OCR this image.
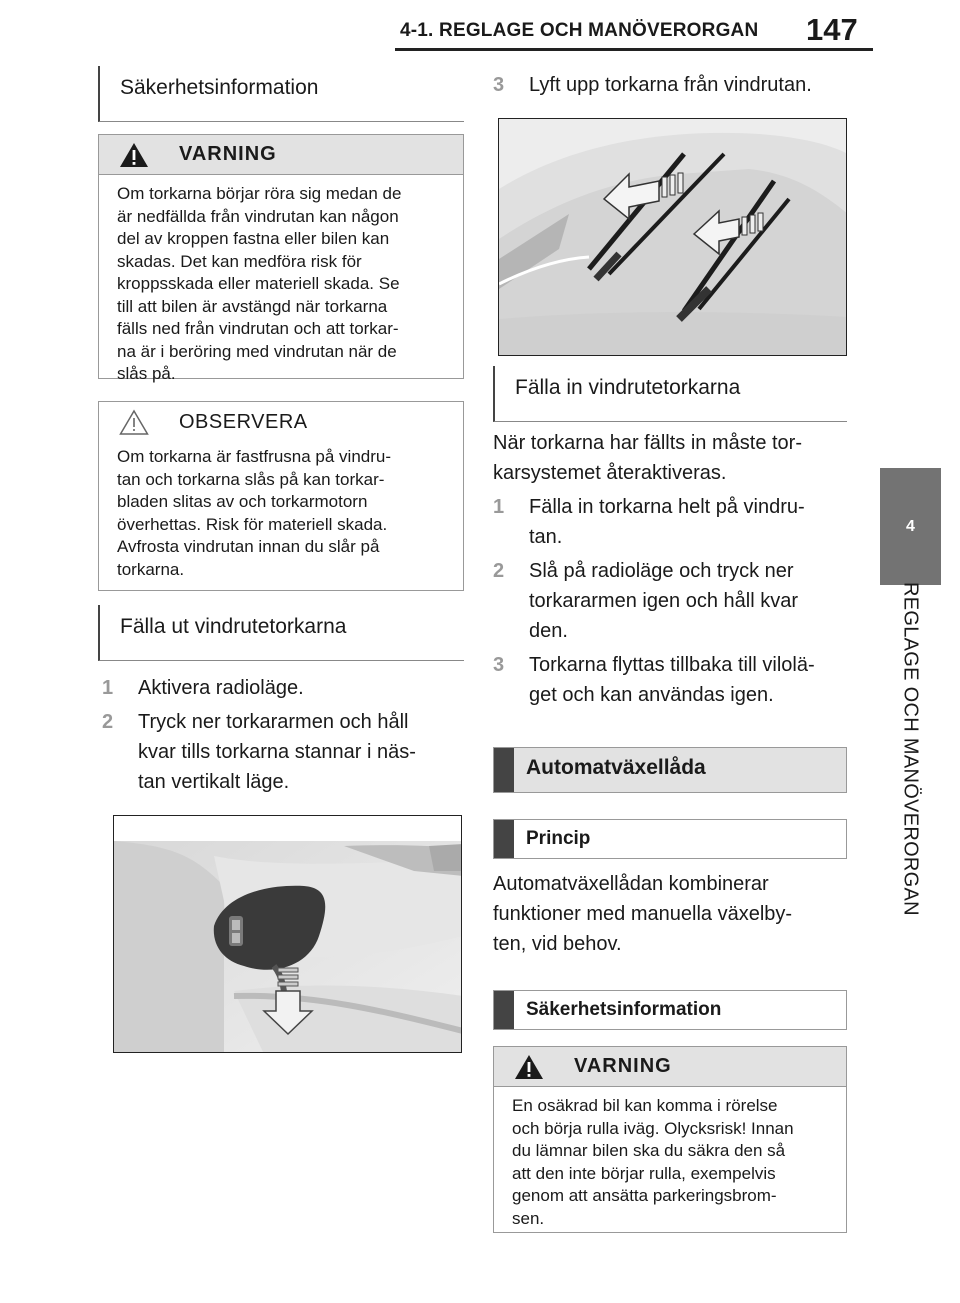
4-1. REGLAGE OCH MANÖVERORGAN 147
4
REGLAGE OCH MANÖVERORGAN
Säkerhetsinformation
VARNING
Om torkarna börjar röra sig medan de
är nedfällda från vindrutan kan någon
del av kroppen fastna eller bilen kan
skadas. Det kan medföra risk för
kroppsskada eller materiell skada. Se
till att bilen är avstängd när torkarna
fälls ned från vindrutan och att torkar-
na är i beröring med vindrutan när de
slås på.
OBSERVERA
Om torkarna är fastfrusna på vindru-
tan och torkarna slås på kan torkar-
bladen slitas av och torkarmotorn
överhettas. Risk för materiell skada.
Avfrosta vindrutan innan du slår på
torkarna.
Fälla ut vindrutetorkarna
1	Aktivera radioläge.
2	Tryck ner torkararmen och håll
kvar tills torkarna stannar i näs-
tan vertikalt läge.
3	Lyft upp torkarna från vindrutan.
Fälla in vindrutetorkarna
När torkarna har fällts in måste tor-
karsystemet återaktiveras.
1	Fälla in torkarna helt på vindru-
tan.
2	Slå på radioläge och tryck ner
torkararmen igen och håll kvar
den.
3	Torkarna flyttas tillbaka till vilolä-
get och kan användas igen.
Automatväxellåda
Princip
Automatväxellådan kombinerar
funktioner med manuella växelby-
ten, vid behov.
Säkerhetsinformation
VARNING
En osäkrad bil kan komma i rörelse
och börja rulla iväg. Olycksrisk! Innan
du lämnar bilen ska du säkra den så
att den inte börjar rulla, exempelvis
genom att ansätta parkeringsbrom-
sen.
